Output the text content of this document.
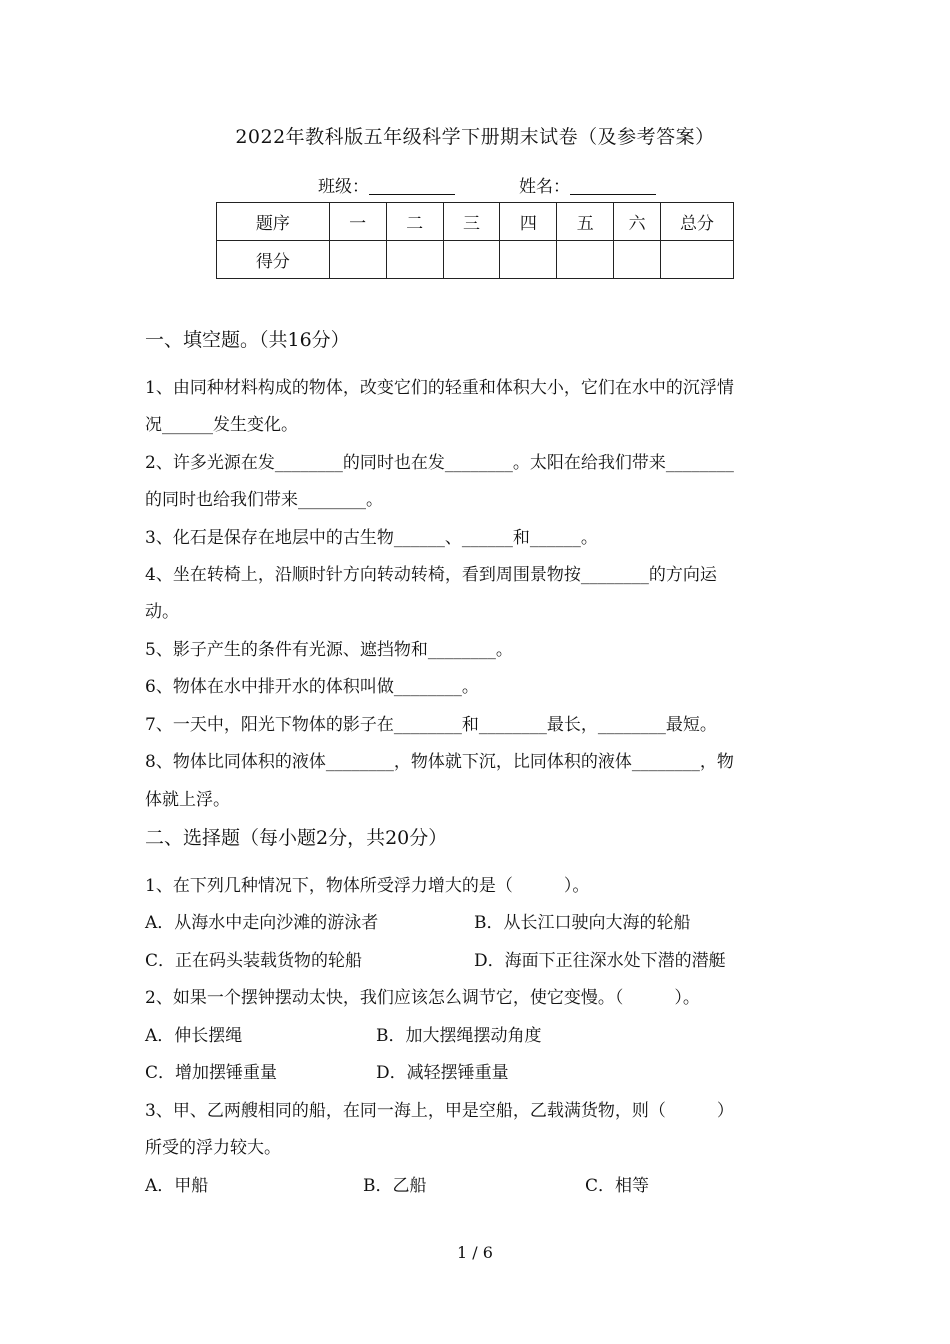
2022年教科版五年级科学下册期末试卷（及参考答案）
班级：	姓名：
题序	一	二	三	四	五	六	总分
得分							
一、填空题。（共16分）
1、由同种材料构成的物体，改变它们的轻重和体积大小，它们在水中的沉浮情
况______发生变化。
2、许多光源在发________的同时也在发________。太阳在给我们带来________
的同时也给我们带来________。
3、化石是保存在地层中的古生物______、______和______。
4、坐在转椅上，沿顺时针方向转动转椅，看到周围景物按________的方向运
动。
5、影子产生的条件有光源、遮挡物和________。
6、物体在水中排开水的体积叫做________。
7、一天中，阳光下物体的影子在________和________最长，________最短。
8、物体比同体积的液体________，物体就下沉，比同体积的液体________，物
体就上浮。
二、选择题（每小题2分，共20分）
1、在下列几种情况下，物体所受浮力增大的是（　　　）。
A．从海水中走向沙滩的游泳者	B．从长江口驶向大海的轮船
C．正在码头装载货物的轮船	D．海面下正往深水处下潜的潜艇
2、如果一个摆钟摆动太快，我们应该怎么调节它，使它变慢。（　　　）。
A．伸长摆绳	B．加大摆绳摆动角度
C．增加摆锤重量	D．减轻摆锤重量
3、甲、乙两艘相同的船，在同一海上，甲是空船，乙载满货物，则（　　　）
所受的浮力较大。
A．甲船	B．乙船	C．相等
1 / 6
